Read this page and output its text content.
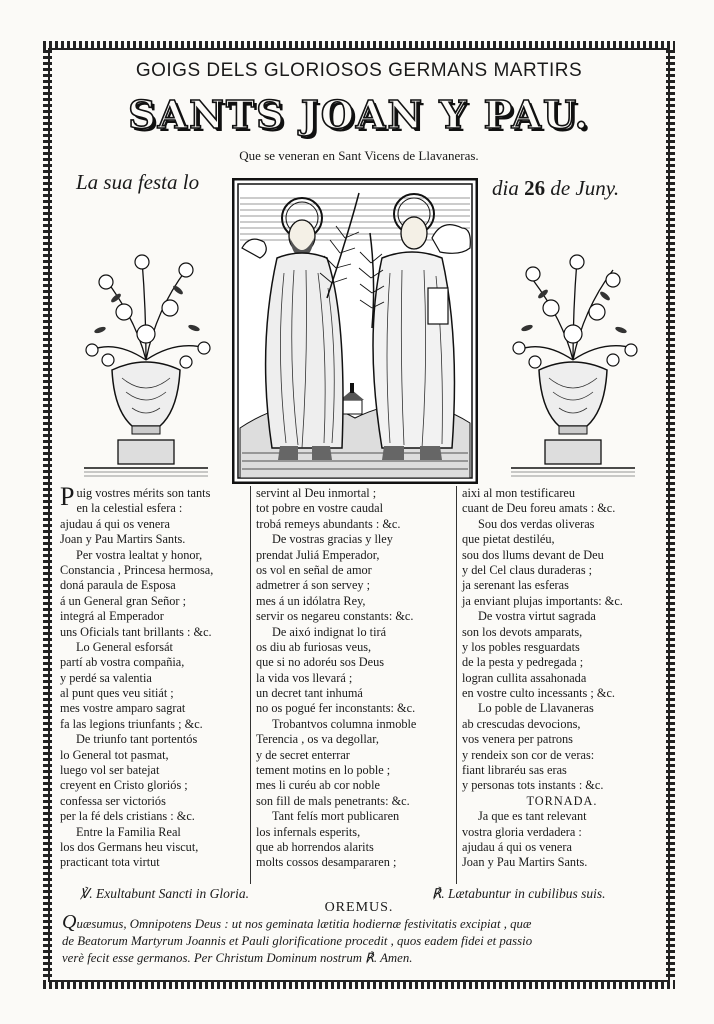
GOIGS DELS GLORIOSOS GERMANS MARTIRS
SANTS JOAN Y PAU.
Que se veneran en Sant Vicens de Llavaneras.
La sua festa lo	dia 26 de Juny.
P uig vostres mérits son tants
en la celestial esfera :
ajudau á qui os venera
Joan y Pau Martirs Sants.
Per vostra lealtat y honor,
Constancia , Princesa hermosa,
doná paraula de Esposa
á un General gran Señor ;
integrá al Emperador
uns Oficials tant brillants : &c.
Lo General esforsát
partí ab vostra compañia,
y perdé sa valentia
al punt ques veu sitiát ;
mes vostre amparo sagrat
fa las legions triunfants ; &c.
De triunfo tant portentós
lo General tot pasmat,
luego vol ser batejat
creyent en Cristo gloriós ;
confessa ser victoriós
per la fé dels cristians : &c.
Entre la Familia Real
los dos Germans heu viscut,
practicant tota virtut
servint al Deu inmortal ;
tot pobre en vostre caudal
trobá remeys abundants : &c.
De vostras gracias y lley
prendat Juliá Emperador,
os vol en señal de amor
admetrer á son servey ;
mes á un idólatra Rey,
servir os negareu constants: &c.
De aixó indignat lo tirá
os diu ab furiosas veus,
que si no adoréu sos Deus
la vida vos llevará ;
un decret tant inhumá
no os pogué fer inconstants: &c.
Trobantvos columna inmoble
Terencia , os va degollar,
y de secret enterrar
tement motins en lo poble ;
mes li curéu ab cor noble
son fill de mals penetrants: &c.
Tant felís mort publicaren
los infernals esperits,
que ab horrendos alarits
molts cossos desampararen ;
aixi al mon testificareu
cuant de Deu foreu amats : &c.
Sou dos verdas oliveras
que pietat destiléu,
sou dos llums devant de Deu
y del Cel claus duraderas ;
ja serenant las esferas
ja enviant plujas importants: &c.
De vostra virtut sagrada
son los devots amparats,
y los pobles resguardats
de la pesta y pedregada ;
logran cullita assahonada
en vostre culto incessants ; &c.
Lo poble de Llavaneras
ab crescudas devocions,
vos venera per patrons
y rendeix son cor de veras:
fiant libraréu sas eras
y personas tots instants : &c.
TORNADA.
Ja que es tant relevant
vostra gloria verdadera :
ajudau á qui os venera
Joan y Pau Martirs Sants.
℣. Exultabunt Sancti in Gloria.	℟. Lætabuntur in cubilibus suis.
OREMUS.
Quæsumus, Omnipotens Deus : ut nos geminata lætitia hodiernæ festivitatis excipiat , quæ
de Beatorum Martyrum Joannis et Pauli glorificatione procedit , quos eadem fidei et passio
verè fecit esse germanos. Per Christum Dominum nostrum ℟. Amen.
